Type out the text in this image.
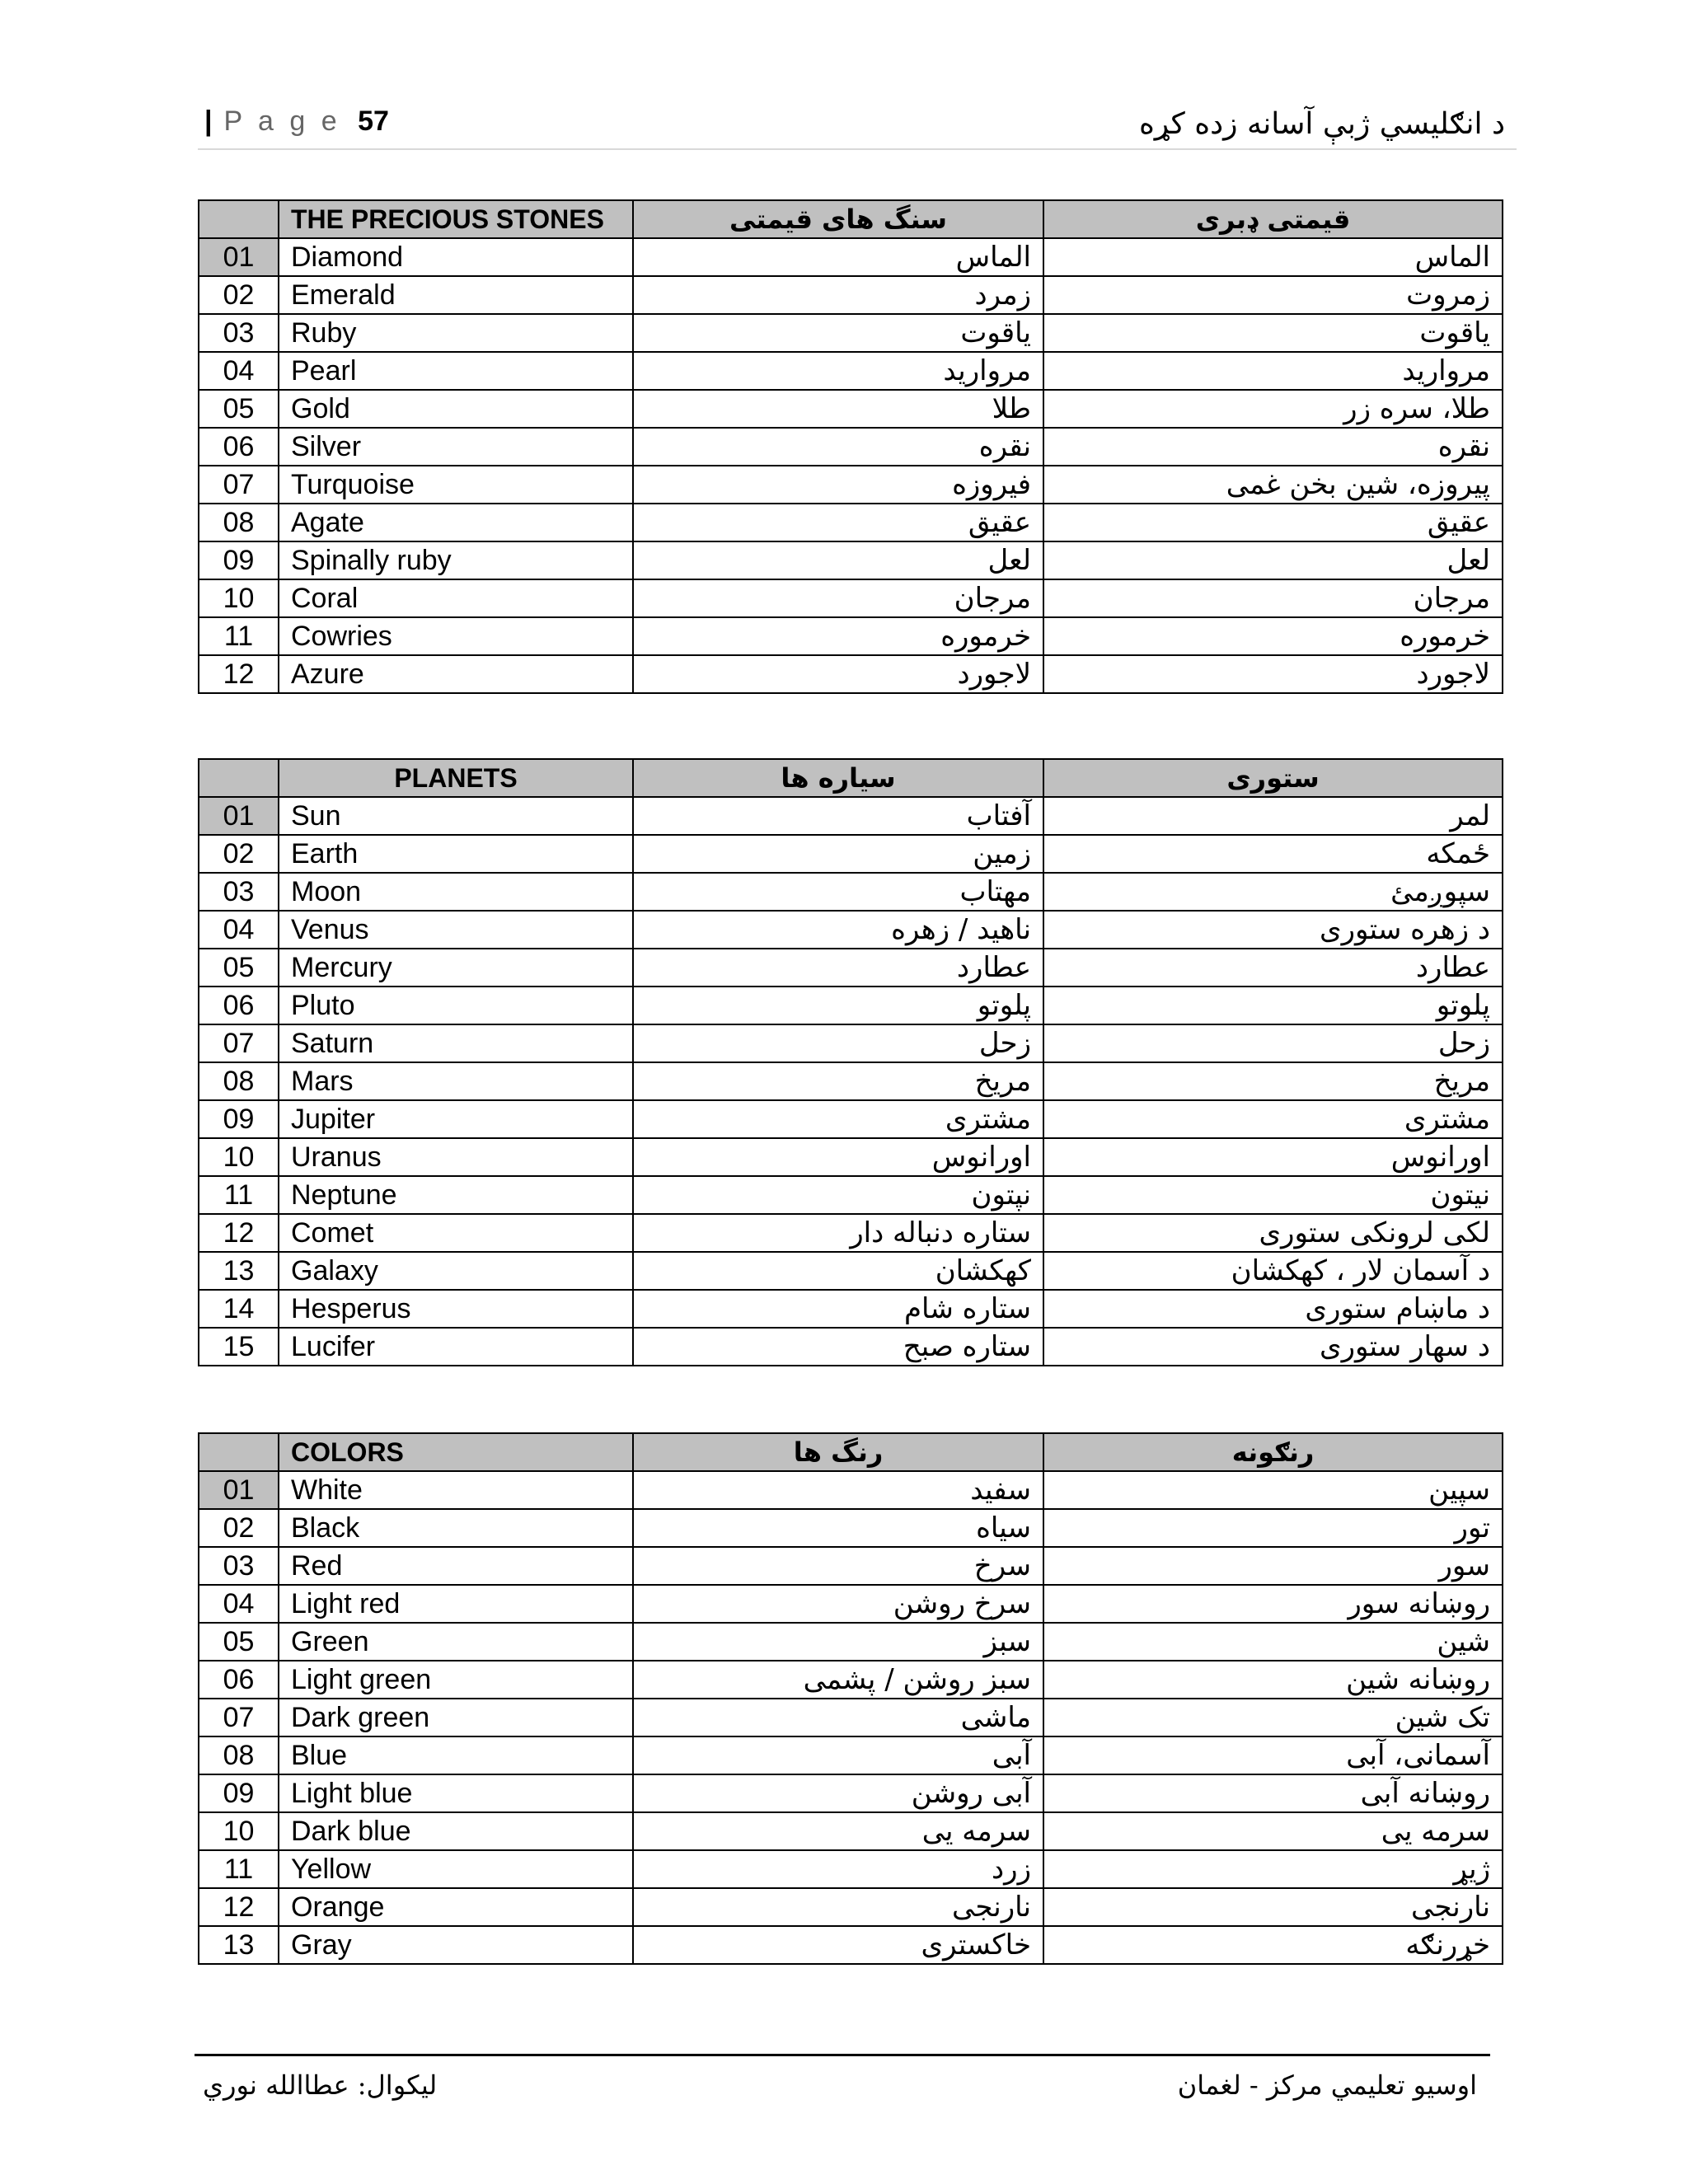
| P a g e 57	د انګلیسي ژبې آسانه زده کړه
	THE PRECIOUS STONES	سنگ های قیمتی	قیمتی ډبری
01	Diamond	الماس	الماس
02	Emerald	زمرد	زمروت
03	Ruby	یاقوت	یاقوت
04	Pearl	مروارید	مروارید
05	Gold	طلا	طلا، سره زر
06	Silver	نقره	نقره
07	Turquoise	فیروزه	پیروزه، شین بخن غمی
08	Agate	عقیق	عقیق
09	Spinally ruby	لعل	لعل
10	Coral	مرجان	مرجان
11	Cowries	خرموره	خرموره
12	Azure	لاجورد	لاجورد
	PLANETS	سیاره ها	ستوری
01	Sun	آفتاب	لمر
02	Earth	زمین	ځمکه
03	Moon	مهتاب	سپوږمئ
04	Venus	ناهید / زهره	د زهره ستوری
05	Mercury	عطارد	عطارد
06	Pluto	پلوتو	پلوتو
07	Saturn	زحل	زحل
08	Mars	مریخ	مریخ
09	Jupiter	مشتری	مشتری
10	Uranus	اورانوس	اورانوس
11	Neptune	نپتون	نیتون
12	Comet	ستاره دنباله دار	لکی لرونکی ستوری
13	Galaxy	کهکشان	د آسمان لار ، کهکشان
14	Hesperus	ستاره شام	د ماښام ستوری
15	Lucifer	ستاره صبح	د سهار ستوری
	COLORS	رنگ ها	رنګونه
01	White	سفید	سپین
02	Black	سیاه	تور
03	Red	سرخ	سور
04	Light red	سرخ روشن	روښانه سور
05	Green	سبز	شین
06	Light green	سبز روشن / پشمی	روښانه شین
07	Dark green	ماشی	تک شین
08	Blue	آبی	آسمانی، آبی
09	Light blue	آبی روشن	روښانه آبی
10	Dark blue	سرمه یی	سرمه یی
11	Yellow	زرد	ژیړ
12	Orange	نارنجی	نارنجی
13	Gray	خاکستری	خړرنګه
لیکوال: عطاالله نوري	اوسیو تعلیمي مرکز - لغمان
